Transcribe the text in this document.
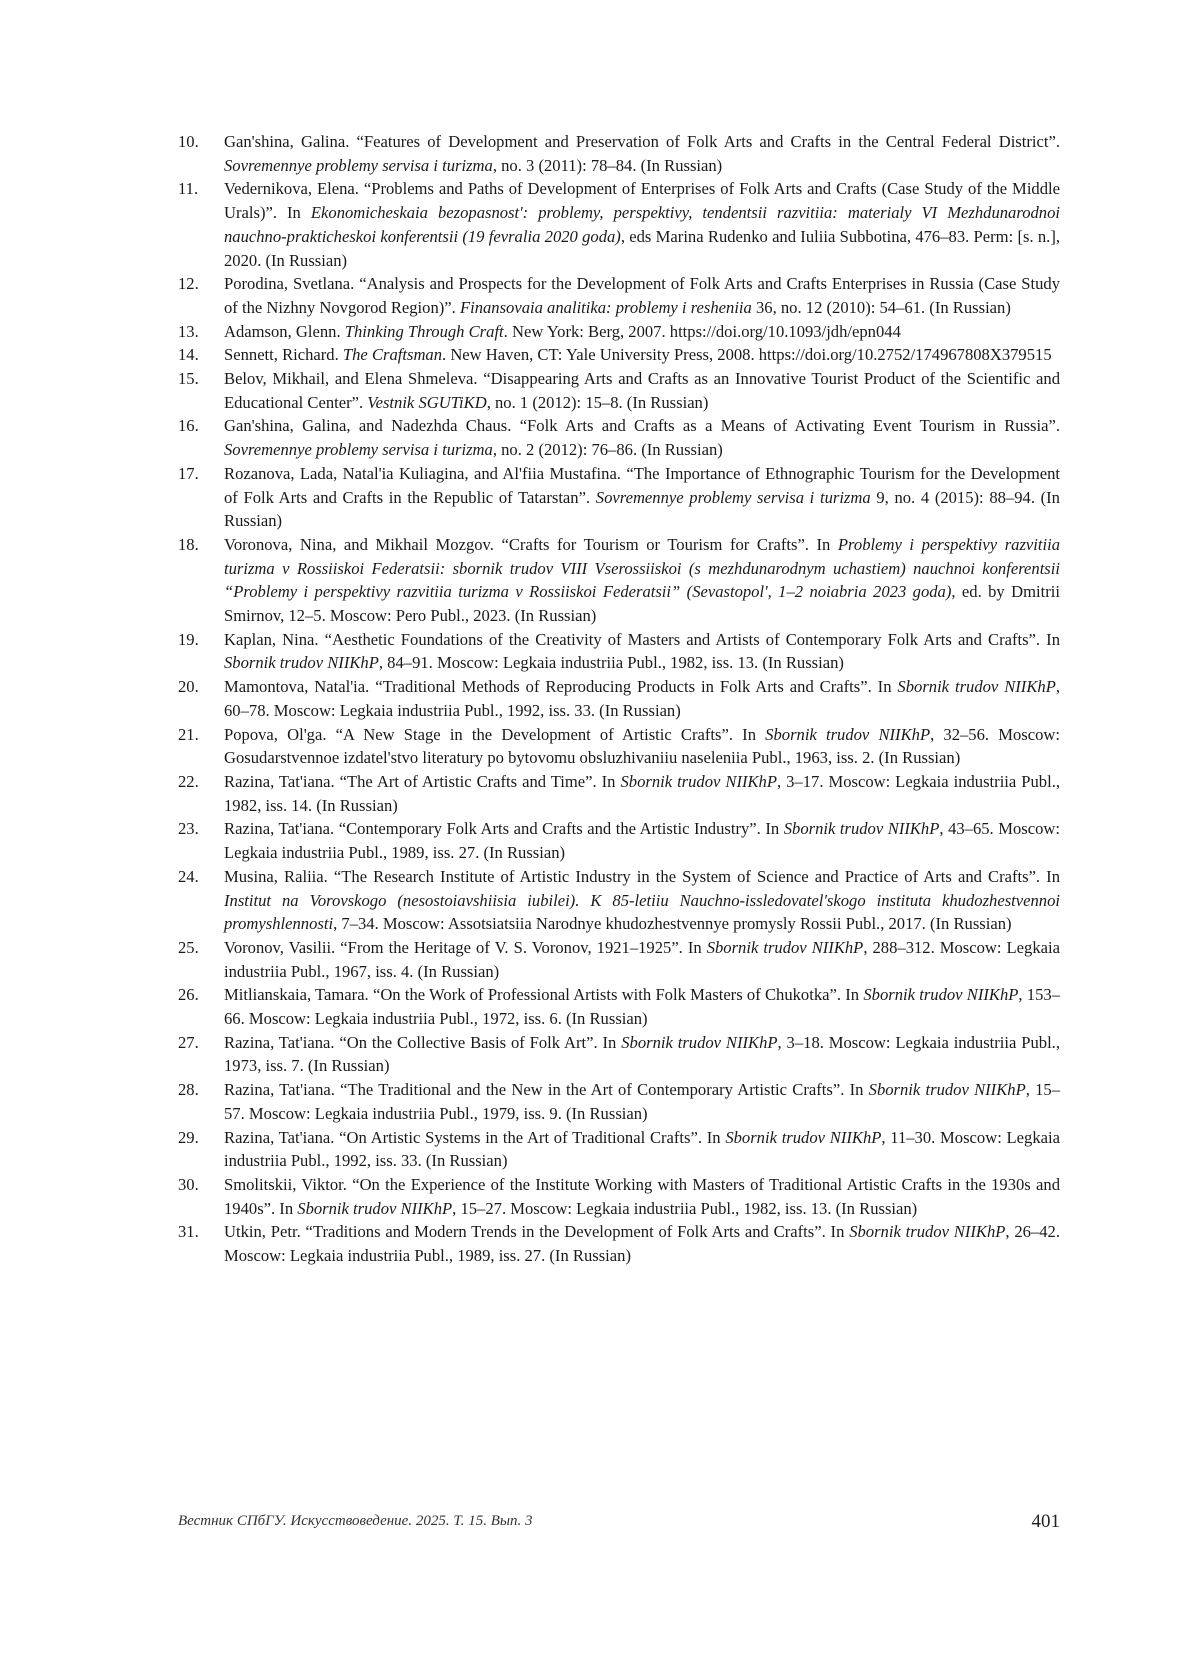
10. Gan'shina, Galina. “Features of Development and Preservation of Folk Arts and Crafts in the Central Federal District”. Sovremennye problemy servisa i turizma, no. 3 (2011): 78–84. (In Russian)
11. Vedernikova, Elena. “Problems and Paths of Development of Enterprises of Folk Arts and Crafts (Case Study of the Middle Urals)”. In Ekonomicheskaia bezopasnost': problemy, perspektivy, tendentsii razvitiia: materialy VI Mezhdunarodnoi nauchno-prakticheskoi konferentsii (19 fevralia 2020 goda), eds Marina Rudenko and Iuliia Subbotina, 476–83. Perm: [s. n.], 2020. (In Russian)
12. Porodina, Svetlana. “Analysis and Prospects for the Development of Folk Arts and Crafts Enterprises in Russia (Case Study of the Nizhny Novgorod Region)”. Finansovaia analitika: problemy i resheniia 36, no. 12 (2010): 54–61. (In Russian)
13. Adamson, Glenn. Thinking Through Craft. New York: Berg, 2007. https://doi.org/10.1093/jdh/epn044
14. Sennett, Richard. The Craftsman. New Haven, CT: Yale University Press, 2008. https://doi.org/10.2752/174967808X379515
15. Belov, Mikhail, and Elena Shmeleva. “Disappearing Arts and Crafts as an Innovative Tourist Product of the Scientific and Educational Center”. Vestnik SGUTiKD, no. 1 (2012): 15–8. (In Russian)
16. Gan'shina, Galina, and Nadezhda Chaus. “Folk Arts and Crafts as a Means of Activating Event Tourism in Russia”. Sovremennye problemy servisa i turizma, no. 2 (2012): 76–86. (In Russian)
17. Rozanova, Lada, Natal'ia Kuliagina, and Al'fiia Mustafina. “The Importance of Ethnographic Tourism for the Development of Folk Arts and Crafts in the Republic of Tatarstan”. Sovremennye problemy servisa i turizma 9, no. 4 (2015): 88–94. (In Russian)
18. Voronova, Nina, and Mikhail Mozgov. “Crafts for Tourism or Tourism for Crafts”. In Problemy i perspektivy razvitiia turizma v Rossiiskoi Federatsii: sbornik trudov VIII Vserossiiskoi (s mezhdunarodnym uchastiem) nauchnoi konferentsii “Problemy i perspektivy razvitiia turizma v Rossiiskoi Federatsii” (Sevastopol', 1–2 noiabria 2023 goda), ed. by Dmitrii Smirnov, 12–5. Moscow: Pero Publ., 2023. (In Russian)
19. Kaplan, Nina. “Aesthetic Foundations of the Creativity of Masters and Artists of Contemporary Folk Arts and Crafts”. In Sbornik trudov NIIKhP, 84–91. Moscow: Legkaia industriia Publ., 1982, iss. 13. (In Russian)
20. Mamontova, Natal'ia. “Traditional Methods of Reproducing Products in Folk Arts and Crafts”. In Sbornik trudov NIIKhP, 60–78. Moscow: Legkaia industriia Publ., 1992, iss. 33. (In Russian)
21. Popova, Ol'ga. “A New Stage in the Development of Artistic Crafts”. In Sbornik trudov NIIKhP, 32–56. Moscow: Gosudarstvennoe izdatel'stvo literatury po bytovomu obsluzhivaniiu naseleniia Publ., 1963, iss. 2. (In Russian)
22. Razina, Tat'iana. “The Art of Artistic Crafts and Time”. In Sbornik trudov NIIKhP, 3–17. Moscow: Legkaia industriia Publ., 1982, iss. 14. (In Russian)
23. Razina, Tat'iana. “Contemporary Folk Arts and Crafts and the Artistic Industry”. In Sbornik trudov NIIKhP, 43–65. Moscow: Legkaia industriia Publ., 1989, iss. 27. (In Russian)
24. Musina, Raliia. “The Research Institute of Artistic Industry in the System of Science and Practice of Arts and Crafts”. In Institut na Vorovskogo (nesostoiavshiisia iubilei). K 85-letiiu Nauchno-issledovatel'skogo instituta khudozhestvennoi promyshlennosti, 7–34. Moscow: Assotsiatsiia Narodnye khudozhestvennye promysly Rossii Publ., 2017. (In Russian)
25. Voronov, Vasilii. “From the Heritage of V. S. Voronov, 1921–1925”. In Sbornik trudov NIIKhP, 288–312. Moscow: Legkaia industriia Publ., 1967, iss. 4. (In Russian)
26. Mitlianskaia, Tamara. “On the Work of Professional Artists with Folk Masters of Chukotka”. In Sbornik trudov NIIKhP, 153–66. Moscow: Legkaia industriia Publ., 1972, iss. 6. (In Russian)
27. Razina, Tat'iana. “On the Collective Basis of Folk Art”. In Sbornik trudov NIIKhP, 3–18. Moscow: Legkaia industriia Publ., 1973, iss. 7. (In Russian)
28. Razina, Tat'iana. “The Traditional and the New in the Art of Contemporary Artistic Crafts”. In Sbornik trudov NIIKhP, 15–57. Moscow: Legkaia industriia Publ., 1979, iss. 9. (In Russian)
29. Razina, Tat'iana. “On Artistic Systems in the Art of Traditional Crafts”. In Sbornik trudov NIIKhP, 11–30. Moscow: Legkaia industriia Publ., 1992, iss. 33. (In Russian)
30. Smolitskii, Viktor. “On the Experience of the Institute Working with Masters of Traditional Artistic Crafts in the 1930s and 1940s”. In Sbornik trudov NIIKhP, 15–27. Moscow: Legkaia industriia Publ., 1982, iss. 13. (In Russian)
31. Utkin, Petr. “Traditions and Modern Trends in the Development of Folk Arts and Crafts”. In Sbornik trudov NIIKhP, 26–42. Moscow: Legkaia industriia Publ., 1989, iss. 27. (In Russian)
Вестник СПбГУ. Искусствоведение. 2025. Т. 15. Вып. 3	401
